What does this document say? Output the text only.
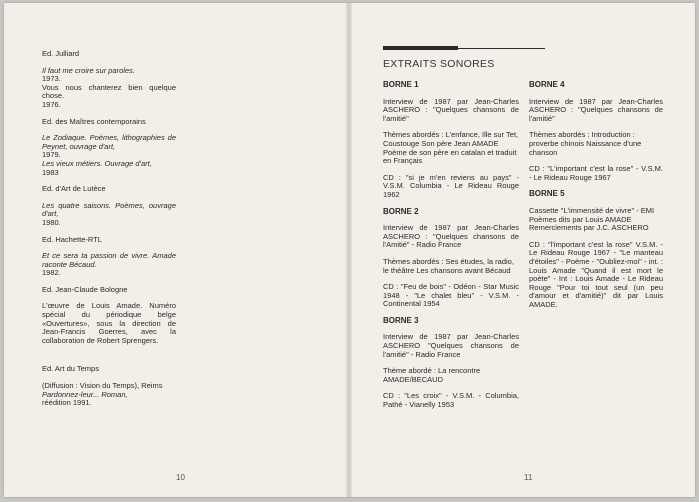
Ed. Julliard

Il faut me croire sur paroles.
1973.

Vous nous chanterez bien quelque chose.
1976.

Ed. des Maîtres contemporains

Le Zodiaque. Poèmes, lithographies de Peynet, ouvrage d'art,
1979.
Les vieux métiers. Ouvrage d'art,
1983

Ed. d'Art de Lutèce

Les quatre saisons. Poèmes, ouvrage d'art,
1980.

Ed. Hachette-RTL

Et ce sera ta passion de vivre. Amade raconte Bécaud.
1982.

Ed. Jean-Claude Bologne

L'œuvre de Louis Amade. Numéro spécial du périodique belge «Ouvertures», sous la direction de Jean-Francis Goerres, avec la collaboration de Robert Sprengers.

Ed. Art du Temps

(Diffusion : Vision du Temps), Reims
Pardonnez-leur... Roman,
réédition 1991.

10
EXTRAITS SONORES

BORNE 1

Interview de 1987 par Jean-Charles ASCHERO : "Quelques chansons de l'amitié"

Thèmes abordés : L'enfance, Ille sur Tet, Coustouge Son père Jean AMADE Poème de son père en catalan et traduit en Français

CD : "si je m'en reviens au pays" - V.S.M. Columbia - Le Rideau Rouge 1962

BORNE 2

Interview de 1987 par Jean-Charles ASCHERO : "Quelques chansons de l'Amitié" - Radio France

Thèmes abordés : Ses études, la radio, le théâtre Les chansons avant Bécaud

CD : "Feu de bois" - Odéon - Star Music 1948 - "Le chalet bleu" - V.S.M. - Continental 1954

BORNE 3

Interview de 1987 par Jean-Charles ASCHERO "Quelques chansons de l'amitié" - Radio France

Thème abordé : La rencontre AMADE/BECAUD

CD : "Les croix" - V.S.M. - Columbia, Pathé - Vianelly 1953

BORNE 4

Interview de 1987 par Jean-Charles ASCHERO : "Quelques chansons de l'amitié"

Thèmes abordés : Introduction : proverbe chinois Naissance d'une chanson

CD : "L'important c'est la rose" - V.S.M. - Le Rideau Rouge 1967

BORNE 5

Cassette "L'immensité de vivre" - EMI Poèmes dits par Louis AMADE Remerciements par J.C. ASCHERO

CD : "l'important c'est la rose" V.S.M. - Le Rideau Rouge 1967 - "Le manteau d'étoiles" - Poème - "Oubliez-moi" - int. : Louis Amade "Quand il est mort le poète" - Int : Louis Amade - Le Rideau Rouge "Pour toi tout seul (un peu d'amour et d'amitié)" dit par Louis AMADE.

11
